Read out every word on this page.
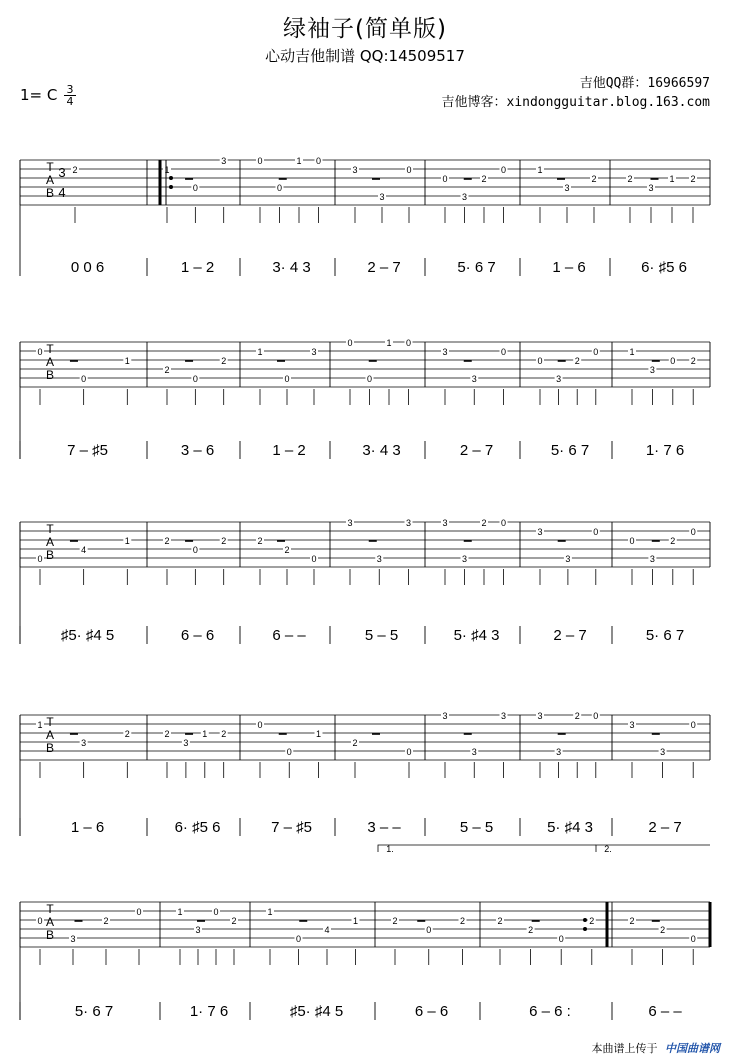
绿袖子(简单版)
心动吉他制谱 QQ:14509517
1= C 3
4
吉他QQ群：16966597
吉他博客：xindongguitar.blog.163.com
T
A
B
3
4
2
0 0 6
1
0
3
1 – 2
0
0
1 0
3· 4 3
3
3
0
2 – 7
0
3
2
0
5· 6 7
1
3
2
1 – 6
2
3
1 2
6· ♯5 6
T
A
B
0
0
1
7 – ♯5
2
0
2
3 – 6
1
0
3
1 – 2
0
0
1 0
3· 4 3
3
3
0
2 – 7
0
3
2
0
5· 6 7
1
3
0 2
1· 7 6
T
A
B
0
4
1
♯5· ♯4 5
2
0
2
6 – 6
2
2
0
6 – –
3
3
3
5 – 5
3
3
2 0
5· ♯4 3
3
3
0
2 – 7
0
3
2
0
5· 6 7
T
A
B
1
3
2
1 – 6
2
3
1 2
6· ♯5 6
0
0
1
7 – ♯5
2
0
3 – –
3
3
3
5 – 5
3
3
2 0
5· ♯4 3
3
3
0
2 – 7
T
A
B
0
3
2
0
5· 6 7
1
3
0
2
1· 7 6
1
0
4
1
♯5· ♯4 5
2
0
2
6 – 6
2
2
0
2
6 – 6 :
2
2
0
6 – –
1.	2.
本曲谱上传于 中国曲谱网
